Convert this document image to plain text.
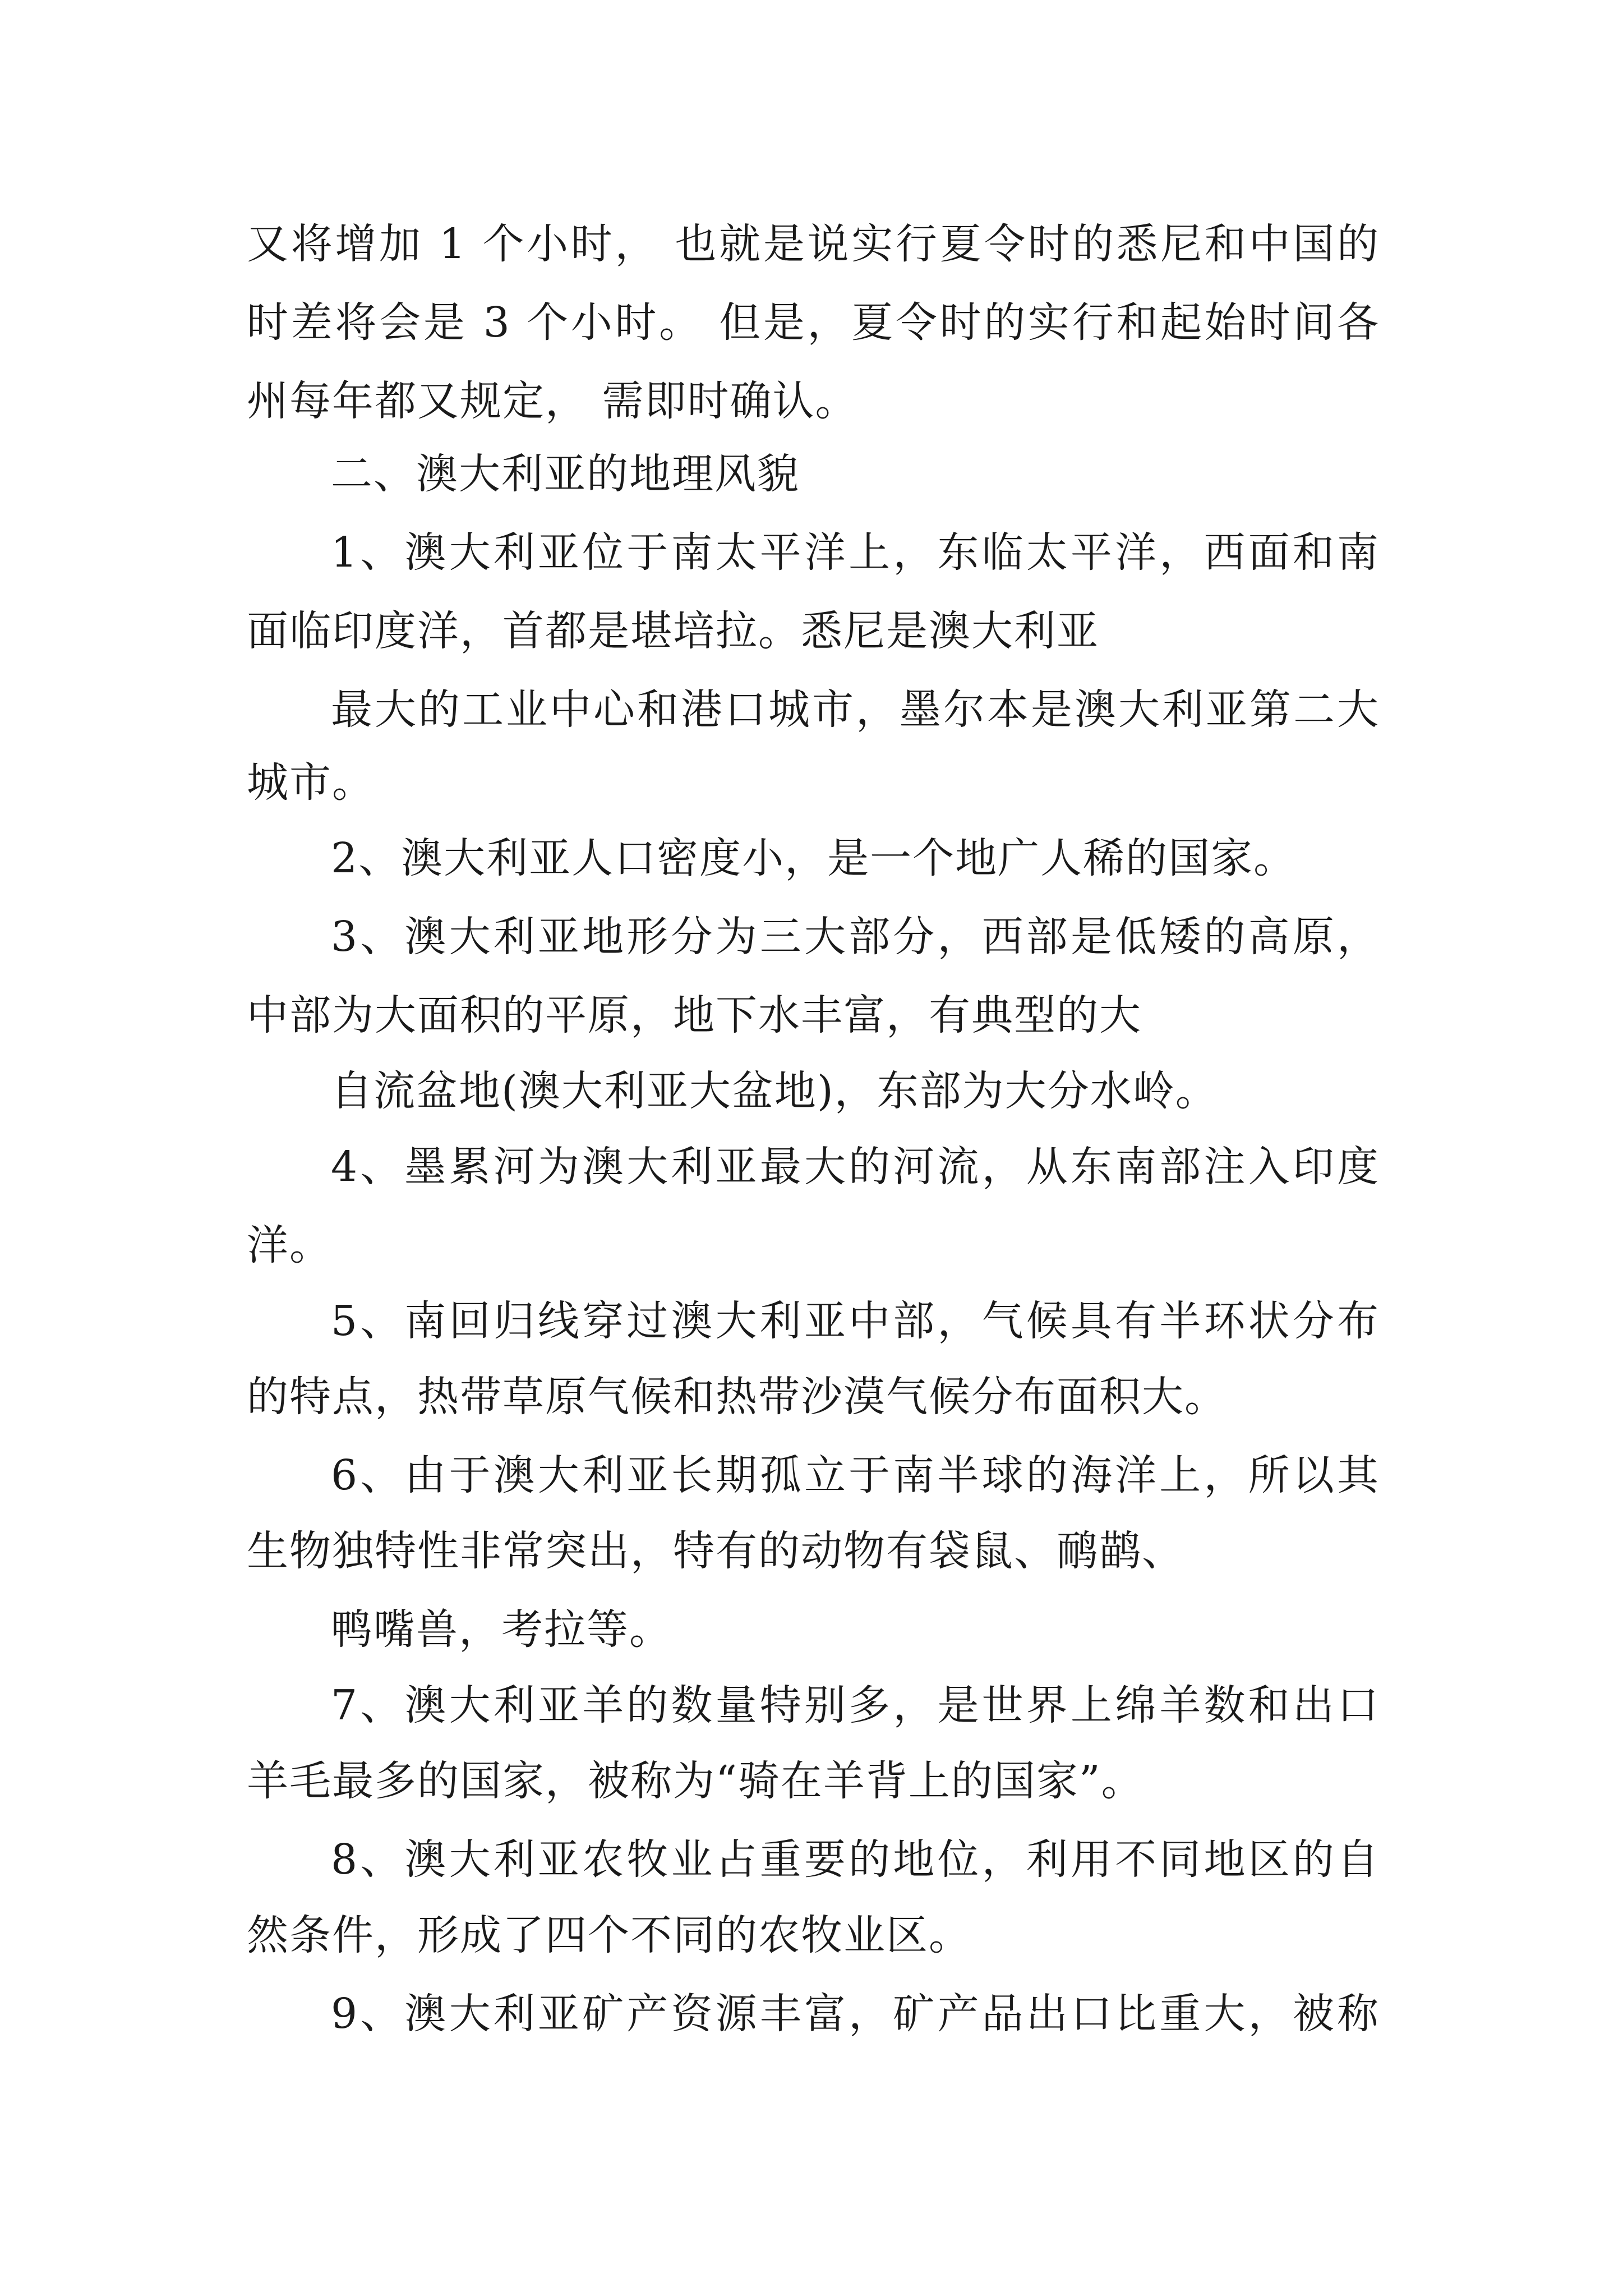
又将增加 1 个小时， 也就是说实行夏令时的悉尼和中国的
时差将会是 3 个小时。 但是，夏令时的实行和起始时间各
州每年都又规定， 需即时确认。
二、澳大利亚的地理风貌
1、澳大利亚位于南太平洋上，东临太平洋，西面和南
面临印度洋，首都是堪培拉。悉尼是澳大利亚
最大的工业中心和港口城市，墨尔本是澳大利亚第二大
城市。
2、澳大利亚人口密度小，是一个地广人稀的国家。
3、澳大利亚地形分为三大部分，西部是低矮的高原，
中部为大面积的平原，地下水丰富，有典型的大
自流盆地(澳大利亚大盆地)，东部为大分水岭。
4、墨累河为澳大利亚最大的河流，从东南部注入印度
洋。
5、南回归线穿过澳大利亚中部，气候具有半环状分布
的特点，热带草原气候和热带沙漠气候分布面积大。
6、由于澳大利亚长期孤立于南半球的海洋上，所以其
生物独特性非常突出，特有的动物有袋鼠、鸸鹋、
鸭嘴兽，考拉等。
7、澳大利亚羊的数量特别多，是世界上绵羊数和出口
羊毛最多的国家，被称为“骑在羊背上的国家”。
8、澳大利亚农牧业占重要的地位，利用不同地区的自
然条件，形成了四个不同的农牧业区。
9、澳大利亚矿产资源丰富，矿产品出口比重大，被称
